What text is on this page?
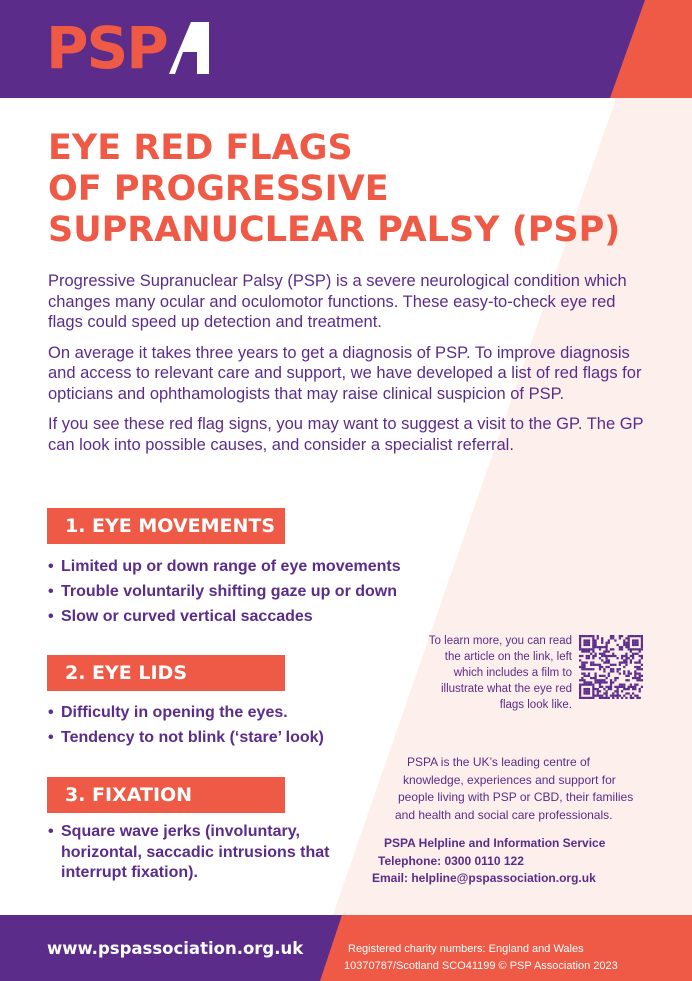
PSP
EYE RED FLAGS
OF PROGRESSIVE
SUPRANUCLEAR PALSY (PSP)

Progressive Supranuclear Palsy (PSP) is a severe neurological condition which changes many ocular and oculomotor functions. These easy-to-check eye red flags could speed up detection and treatment.

On average it takes three years to get a diagnosis of PSP. To improve diagnosis and access to relevant care and support, we have developed a list of red flags for opticians and ophthamologists that may raise clinical suspicion of PSP.

If you see these red flag signs, you may want to suggest a visit to the GP. The GP can look into possible causes, and consider a specialist referral.

1. EYE MOVEMENTS
• Limited up or down range of eye movements
• Trouble voluntarily shifting gaze up or down
• Slow or curved vertical saccades
2. EYE LIDS
• Difficulty in opening the eyes.
• Tendency to not blink (‘stare’ look)
3. FIXATION
• Square wave jerks (involuntary, horizontal, saccadic intrusions that interrupt fixation).
To learn more, you can read the article on the link, left which includes a film to illustrate what the eye red flags look like.
PSPA is the UK’s leading centre of
knowledge, experiences and support for
people living with PSP or CBD, their families
and health and social care professionals.
PSPA Helpline and Information Service
Telephone: 0300 0110 122
Email: helpline@pspassociation.org.uk
www.pspassociation.org.uk	Registered charity numbers: England and Wales
10370787/Scotland SCO41199 © PSP Association 2023
